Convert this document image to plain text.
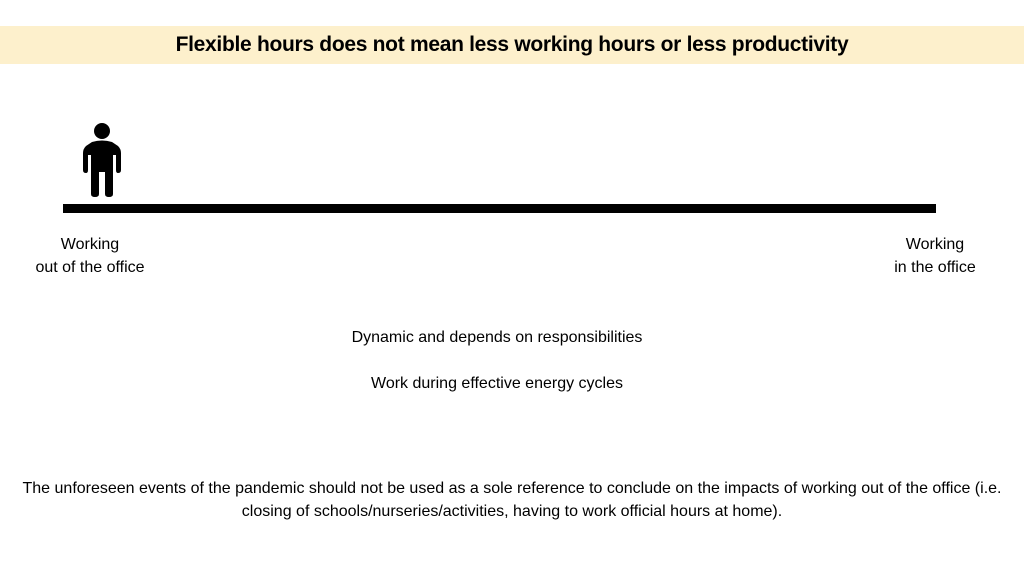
Flexible hours does not mean less working hours or less productivity
Working
out of the office
Working
in the office
Dynamic and depends on responsibilities
Work during effective energy cycles
The unforeseen events of the pandemic should not be used as a sole reference to conclude on the impacts of working out of the office (i.e. closing of schools/nurseries/activities, having to work official hours at home).
